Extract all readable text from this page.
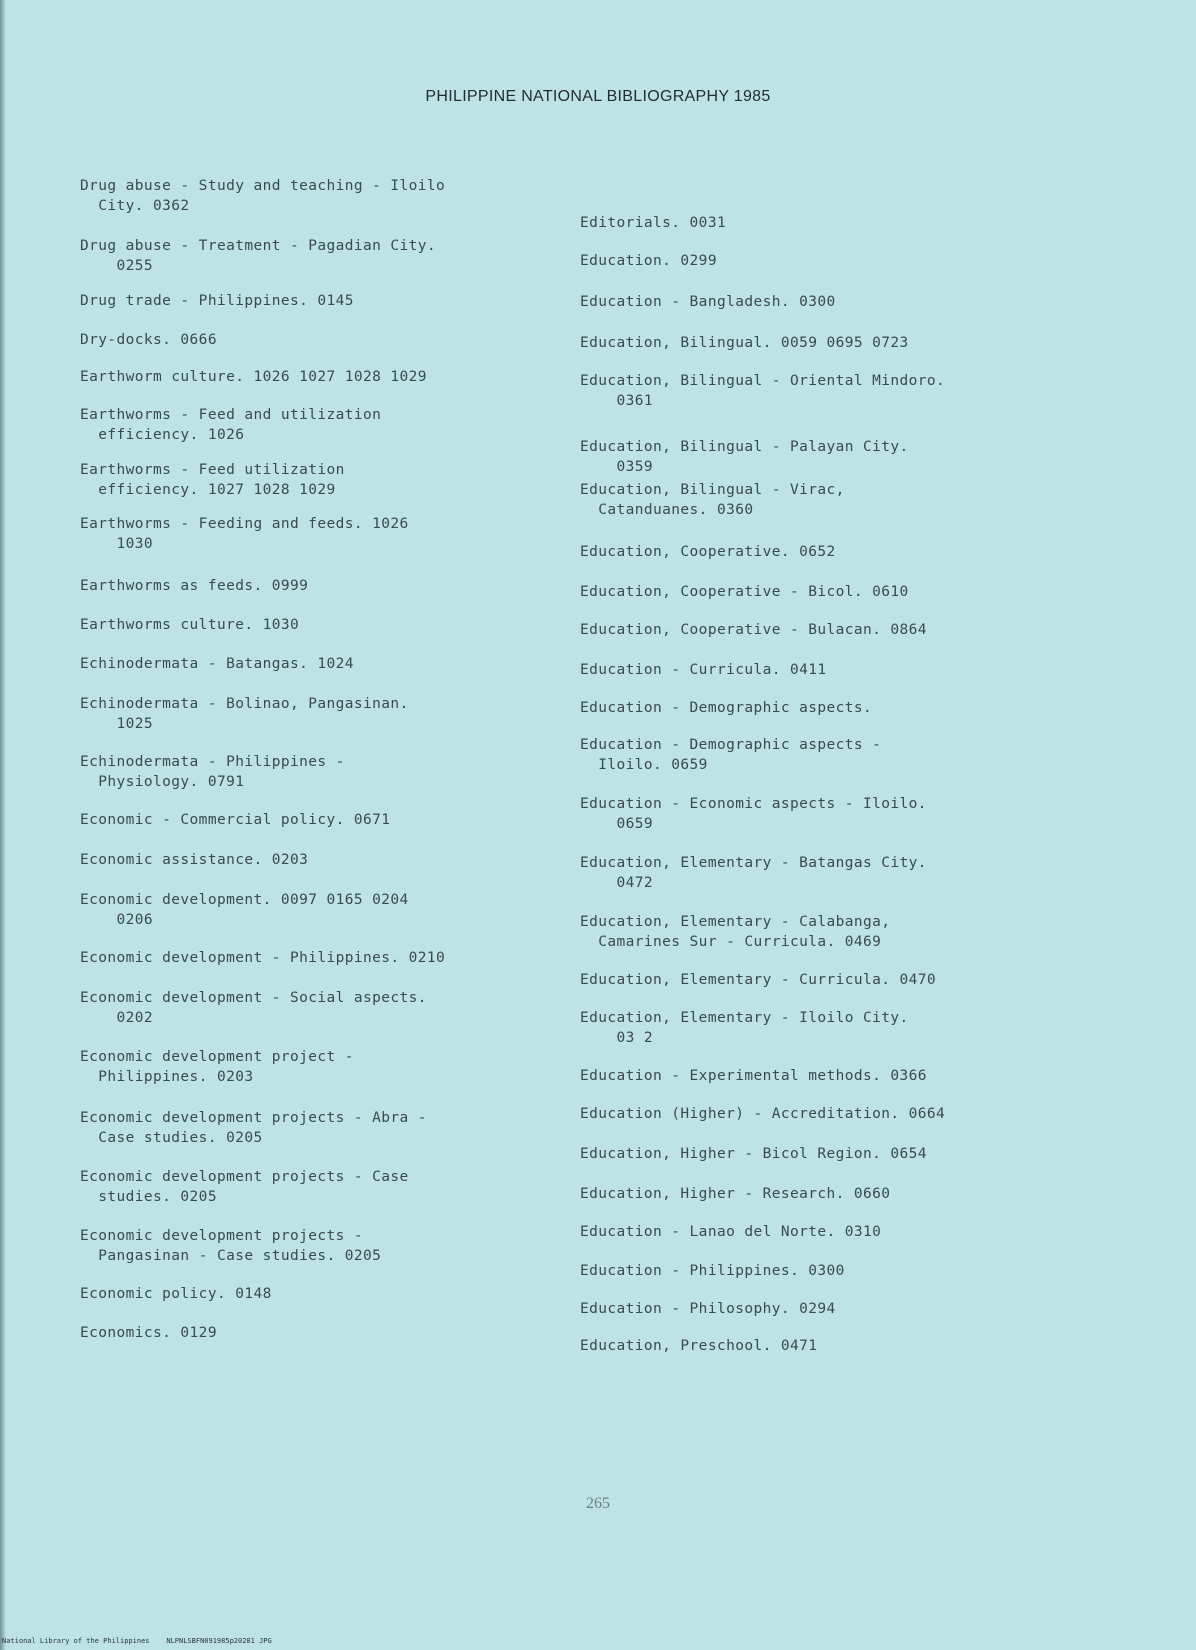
PHILIPPINE NATIONAL BIBLIOGRAPHY 1985
Drug abuse - Study and teaching - Iloilo
City. 0362
Drug abuse - Treatment - Pagadian City.
0255
Drug trade - Philippines. 0145
Dry-docks. 0666
Earthworm culture. 1026 1027 1028 1029
Earthworms - Feed and utilization
efficiency. 1026
Earthworms - Feed utilization
efficiency. 1027 1028 1029
Earthworms - Feeding and feeds. 1026
1030
Earthworms as feeds. 0999
Earthworms culture. 1030
Echinodermata - Batangas. 1024
Echinodermata - Bolinao, Pangasinan.
1025
Echinodermata - Philippines -
Physiology. 0791
Economic - Commercial policy. 0671
Economic assistance. 0203
Economic development. 0097 0165 0204
0206
Economic development - Philippines. 0210
Economic development - Social aspects.
0202
Economic development project -
Philippines. 0203
Economic development projects - Abra -
Case studies. 0205
Economic development projects - Case
studies. 0205
Economic development projects -
Pangasinan - Case studies. 0205
Economic policy. 0148
Economics. 0129
Editorials. 0031
Education. 0299
Education - Bangladesh. 0300
Education, Bilingual. 0059 0695 0723
Education, Bilingual - Oriental Mindoro.
0361
Education, Bilingual - Palayan City.
0359
Education, Bilingual - Virac,
Catanduanes. 0360
Education, Cooperative. 0652
Education, Cooperative - Bicol. 0610
Education, Cooperative - Bulacan. 0864
Education - Curricula. 0411
Education - Demographic aspects.
Education - Demographic aspects -
Iloilo. 0659
Education - Economic aspects - Iloilo.
0659
Education, Elementary - Batangas City.
0472
Education, Elementary - Calabanga,
Camarines Sur - Curricula. 0469
Education, Elementary - Curricula. 0470
Education, Elementary - Iloilo City.
03 2
Education - Experimental methods. 0366
Education (Higher) - Accreditation. 0664
Education, Higher - Bicol Region. 0654
Education, Higher - Research. 0660
Education - Lanao del Norte. 0310
Education - Philippines. 0300
Education - Philosophy. 0294
Education, Preschool. 0471
265
National Library of the Philippines    NLPNLSBFN091985p20281 JPG
